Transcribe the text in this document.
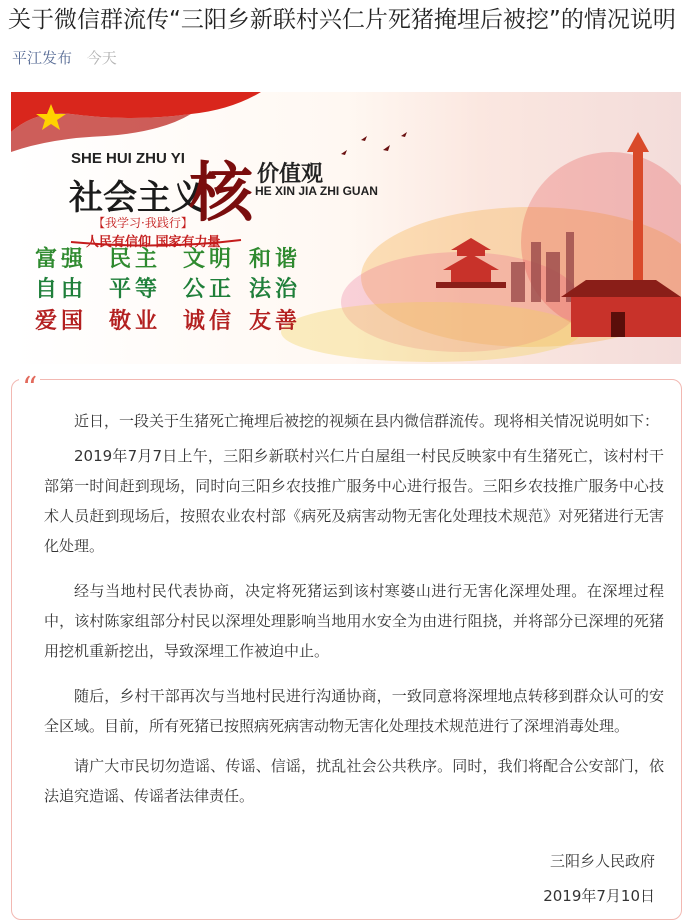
关于微信群流传“三阳乡新联村兴仁片死猪掩埋后被挖”的情况说明
平江发布 今天
SHE HUI ZHU YI
社会主义
核 价值观
HE XIN JIA ZHI GUAN
【我学习·我践行】
人民有信仰 国家有力量
富强 民主 文明 和谐
自由 平等 公正 法治
爱国 敬业 诚信 友善
“
近日，一段关于生猪死亡掩埋后被挖的视频在县内微信群流传。现将相关情况说明如下：
2019年7月7日上午，三阳乡新联村兴仁片白屋组一村民反映家中有生猪死亡，该村村干部第一时间赶到现场，同时向三阳乡农技推广服务中心进行报告。三阳乡农技推广服务中心技术人员赶到现场后，按照农业农村部《病死及病害动物无害化处理技术规范》对死猪进行无害化处理。
经与当地村民代表协商，决定将死猪运到该村寒婆山进行无害化深埋处理。在深埋过程中，该村陈家组部分村民以深埋处理影响当地用水安全为由进行阻挠，并将部分已深埋的死猪用挖机重新挖出，导致深埋工作被迫中止。
随后，乡村干部再次与当地村民进行沟通协商，一致同意将深埋地点转移到群众认可的安全区域。目前，所有死猪已按照病死病害动物无害化处理技术规范进行了深埋消毒处理。
请广大市民切勿造谣、传谣、信谣，扰乱社会公共秩序。同时，我们将配合公安部门，依法追究造谣、传谣者法律责任。
三阳乡人民政府
2019年7月10日
